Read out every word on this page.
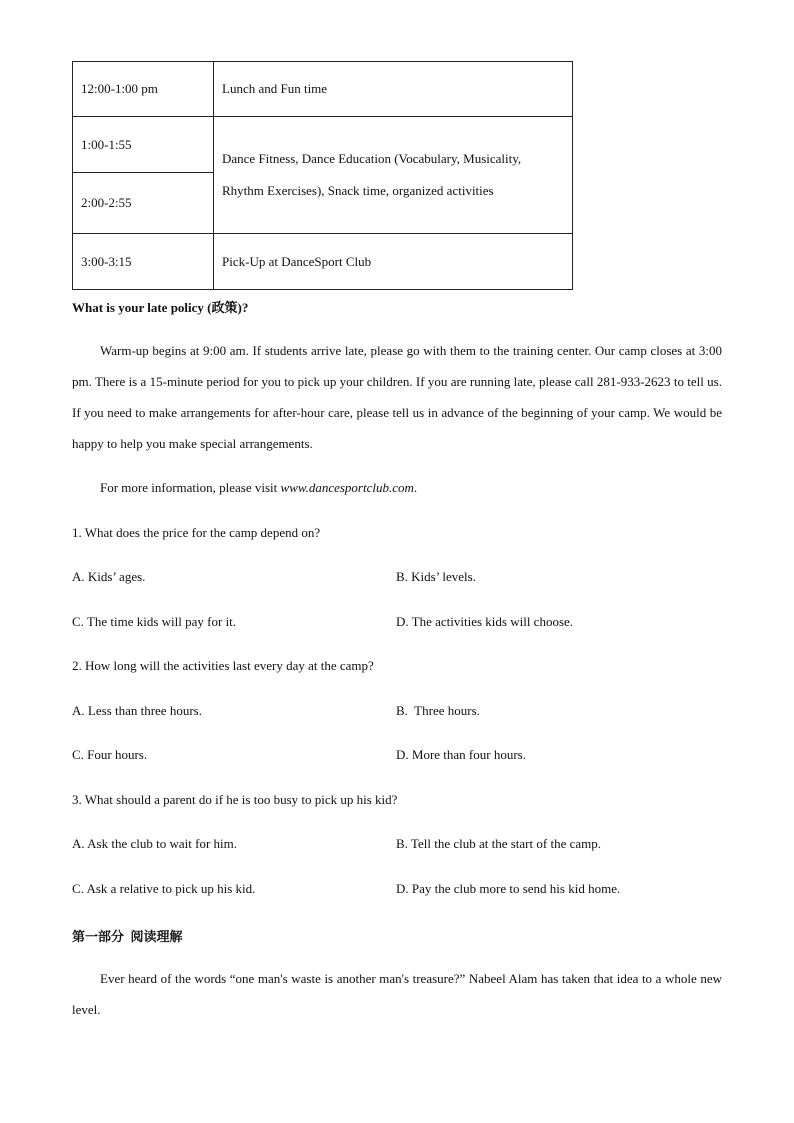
12:00-1:00 pm	Lunch and Fun time
1:00-1:55	Dance Fitness, Dance Education (Vocabulary, Musicality, Rhythm Exercises), Snack time, organized activities
2:00-2:55	
3:00-3:15	Pick-Up at DanceSport Club
What is your late policy (政策)?
Warm-up begins at 9:00 am. If students arrive late, please go with them to the training center. Our camp closes at 3:00 pm. There is a 15-minute period for you to pick up your children. If you are running late, please call 281-933-2623 to tell us. If you need to make arrangements for after-hour care, please tell us in advance of the beginning of your camp. We would be happy to help you make special arrangements.
For more information, please visit www.dancesportclub.com.
1. What does the price for the camp depend on?
A. Kids’ ages.	B. Kids’ levels.
C. The time kids will pay for it.	D. The activities kids will choose.
2. How long will the activities last every day at the camp?
A. Less than three hours.	B.  Three hours.
C. Four hours.	D. More than four hours.
3. What should a parent do if he is too busy to pick up his kid?
A. Ask the club to wait for him.	B. Tell the club at the start of the camp.
C. Ask a relative to pick up his kid.	D. Pay the club more to send his kid home.
第一部分  阅读理解
Ever heard of the words “one man's waste is another man's treasure?” Nabeel Alam has taken that idea to a whole new level.
